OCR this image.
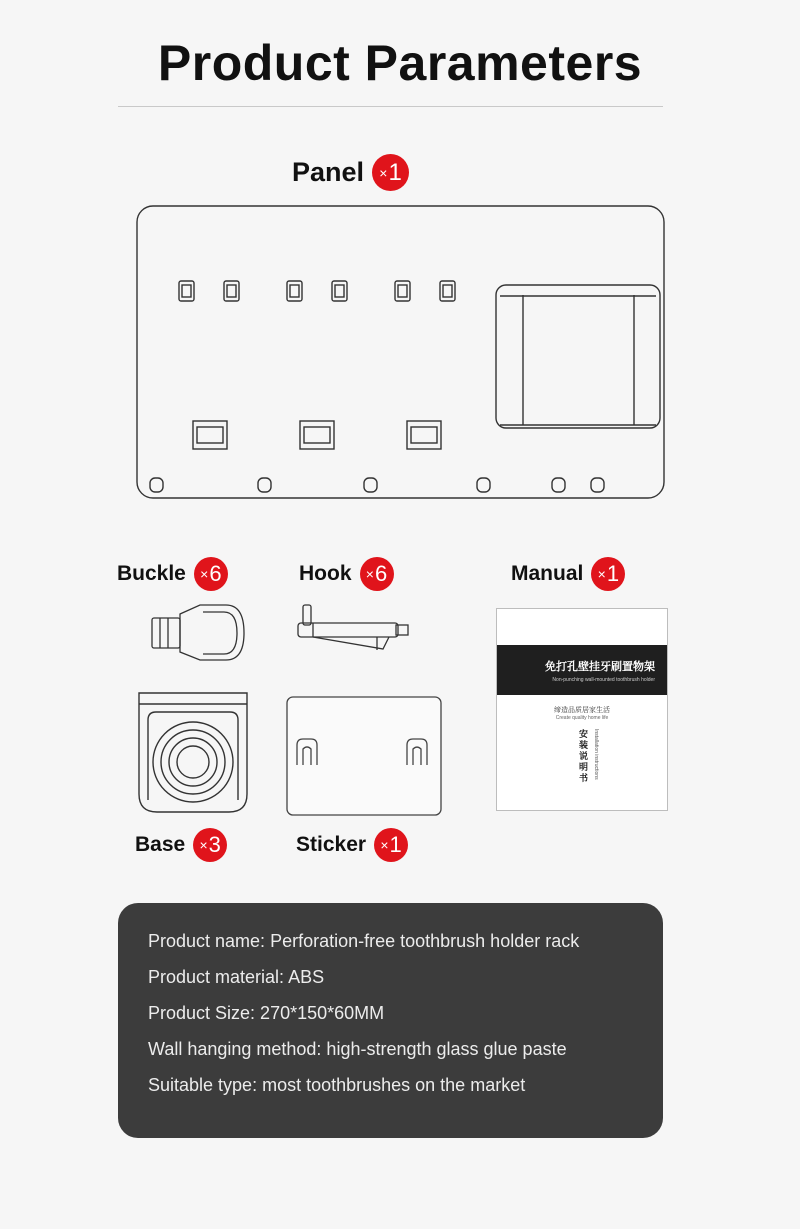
Product Parameters
Panel × 1
Buckle × 6	Hook × 6	Manual × 1
免打孔壁挂牙刷置物架
Non-punching wall-mounted toothbrush holder
缔造品质居家生活
Create quality home life
安装说明书	Installation instructions
Base × 3	Sticker × 1
Product name: Perforation-free toothbrush holder rack
Product material: ABS
Product Size: 270*150*60MM
Wall hanging method: high-strength glass glue paste
Suitable type: most toothbrushes on the market
